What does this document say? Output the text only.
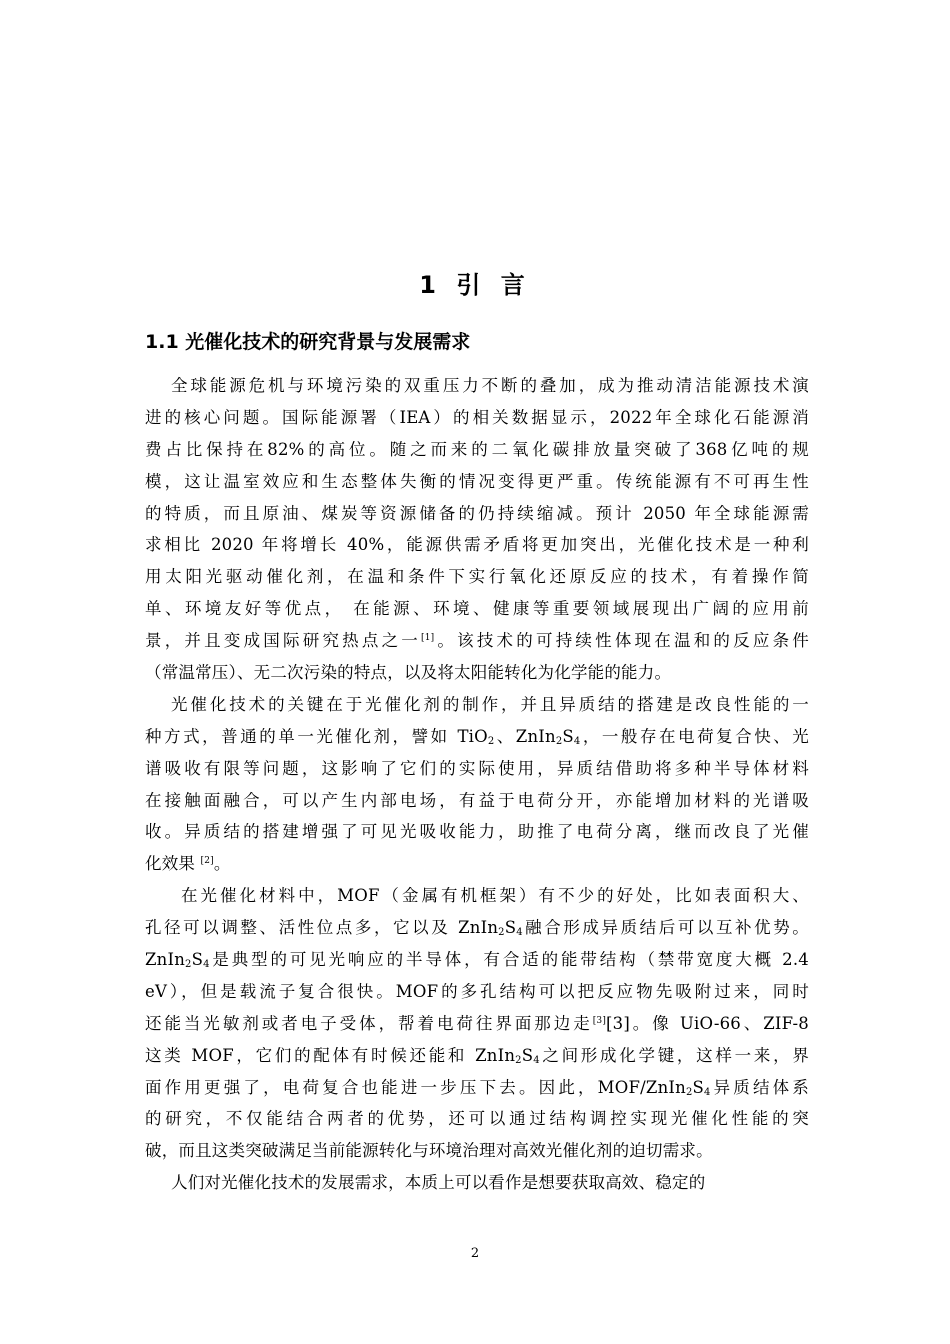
1 引 言
1.1 光催化技术的研究背景与发展需求
全球能源危机与环境污染的双重压力不断的叠加，成为推动清洁能源技术演
进的核心问题。国际能源署（IEA）的相关数据显示，2022年全球化石能源消
费占比保持在82%的高位。随之而来的二氧化碳排放量突破了368亿吨的规
模，这让温室效应和生态整体失衡的情况变得更严重。传统能源有不可再生性
的特质，而且原油、煤炭等资源储备的仍持续缩减。预计 2050 年全球能源需
求相比 2020 年将增长 40%，能源供需矛盾将更加突出，光催化技术是一种利
用太阳光驱动催化剂，在温和条件下实行氧化还原反应的技术，有着操作简
单、环境友好等优点， 在能源、环境、健康等重要领域展现出广阔的应用前
景，并且变成国际研究热点之一[1]。该技术的可持续性体现在温和的反应条件
（常温常压）、无二次污染的特点，以及将太阳能转化为化学能的能力。
光催化技术的关键在于光催化剂的制作，并且异质结的搭建是改良性能的一
种方式，普通的单一光催化剂，譬如 TiO$_2$、$ZnIn_2S_4$，一般存在电荷复合快、光
谱吸收有限等问题，这影响了它们的实际使用，异质结借助将多种半导体材料
在接触面融合，可以产生内部电场，有益于电荷分开，亦能增加材料的光谱吸
收。异质结的搭建增强了可见光吸收能力，助推了电荷分离，继而改良了光催
化效果 [2]。
在光催化材料中，MOF（金属有机框架）有不少的好处，比如表面积大、
孔径可以调整、活性位点多，它以及 $ZnIn_2S_4$融合形成异质结后可以互补优势。
$ZnIn_2S_4$是典型的可见光响应的半导体，有合适的能带结构（禁带宽度大概 2.4
eV），但是载流子复合很快。MOF的多孔结构可以把反应物先吸附过来，同时
还能当光敏剂或者电子受体，帮着电荷往界面那边走[3][3]。像 UiO-66、ZIF-8
这类 MOF，它们的配体有时候还能和 $ZnIn_2S_4$之间形成化学键，这样一来，界
面作用更强了，电荷复合也能进一步压下去。因此，MOF/$ZnIn_2S_4$异质结体系
的研究，不仅能结合两者的优势，还可以通过结构调控实现光催化性能的突
破，而且这类突破满足当前能源转化与环境治理对高效光催化剂的迫切需求。
人们对光催化技术的发展需求，本质上可以看作是想要获取高效、稳定的
2
